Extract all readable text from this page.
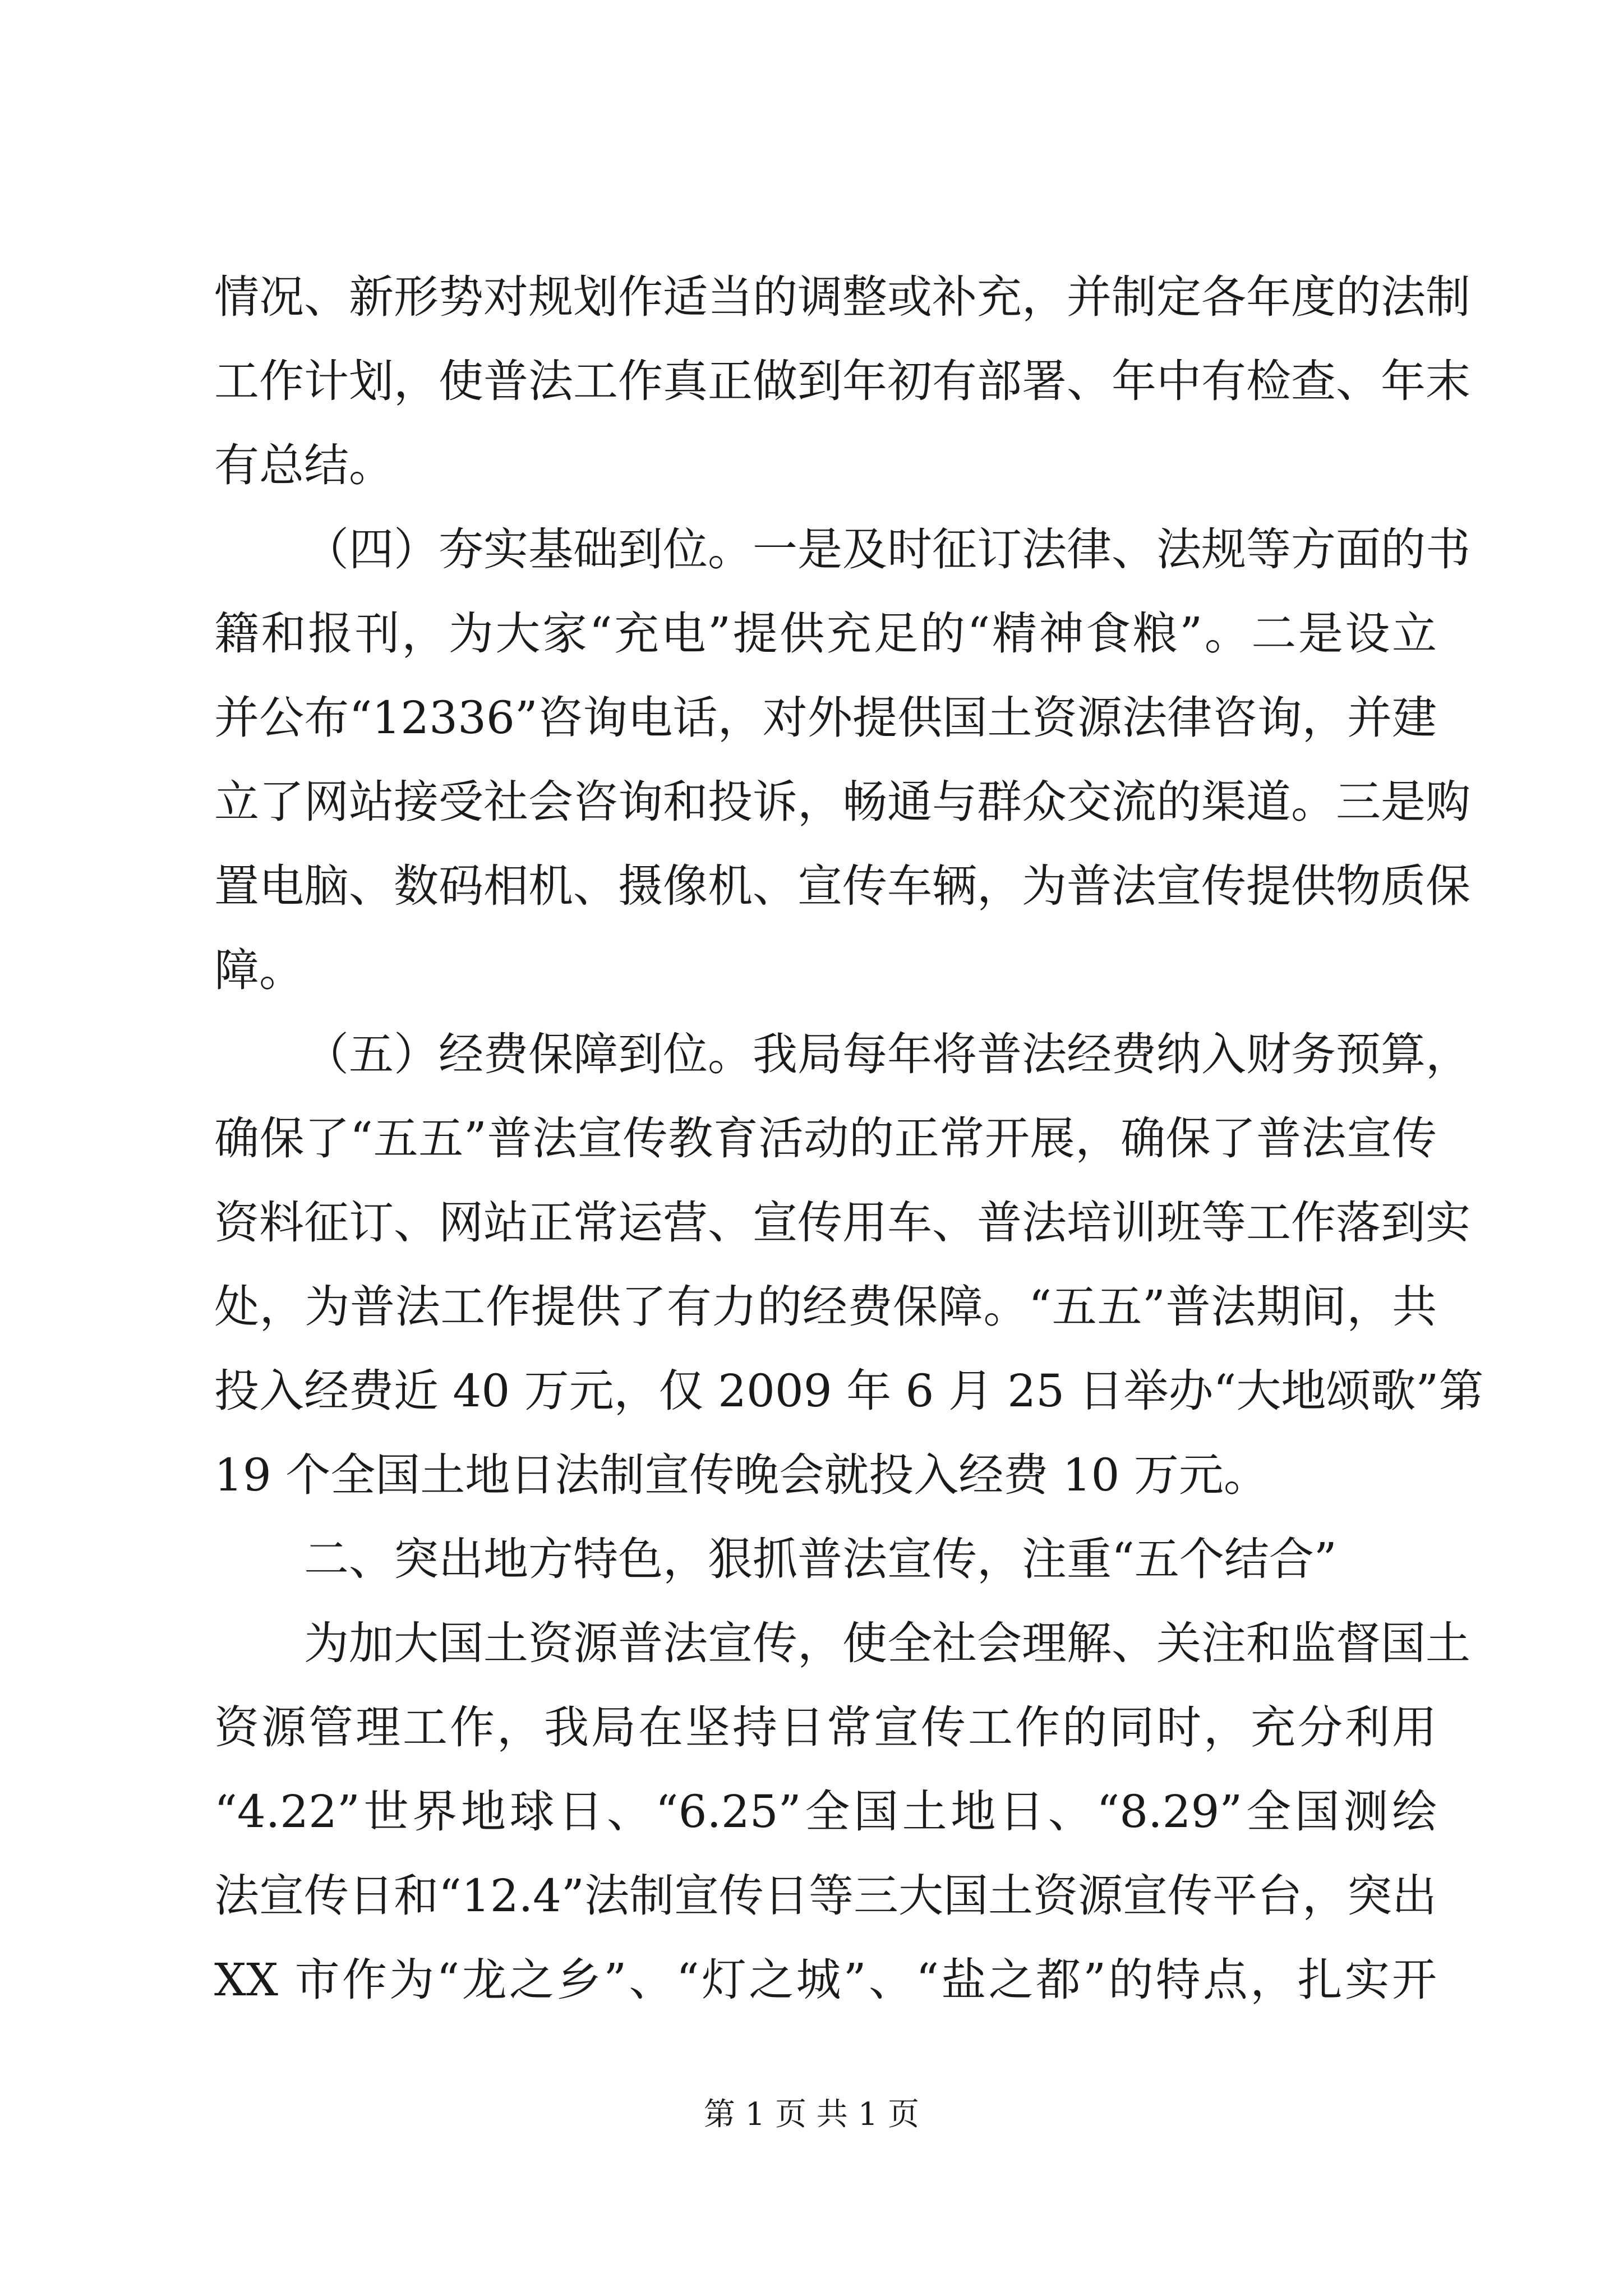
情况、新形势对规划作适当的调整或补充，并制定各年度的法制
工作计划，使普法工作真正做到年初有部署、年中有检查、年末
有总结。
（四）夯实基础到位。一是及时征订法律、法规等方面的书
籍和报刊，为大家“充电”提供充足的“精神食粮”。二是设立
并公布“12336”咨询电话，对外提供国土资源法律咨询，并建
立了网站接受社会咨询和投诉，畅通与群众交流的渠道。三是购
置电脑、数码相机、摄像机、宣传车辆，为普法宣传提供物质保
障。
（五）经费保障到位。我局每年将普法经费纳入财务预算，
确保了“五五”普法宣传教育活动的正常开展，确保了普法宣传
资料征订、网站正常运营、宣传用车、普法培训班等工作落到实
处，为普法工作提供了有力的经费保障。“五五”普法期间，共
投入经费近 40 万元，仅 2009 年 6 月 25 日举办“大地颂歌”第
19 个全国土地日法制宣传晚会就投入经费 10 万元。
二、突出地方特色，狠抓普法宣传，注重“五个结合”
为加大国土资源普法宣传，使全社会理解、关注和监督国土
资源管理工作，我局在坚持日常宣传工作的同时，充分利用
“4.22”世界地球日、“6.25”全国土地日、“8.29”全国测绘
法宣传日和“12.4”法制宣传日等三大国土资源宣传平台，突出
XX 市作为“龙之乡”、“灯之城”、“盐之都”的特点，扎实开
第 1 页 共 1 页
